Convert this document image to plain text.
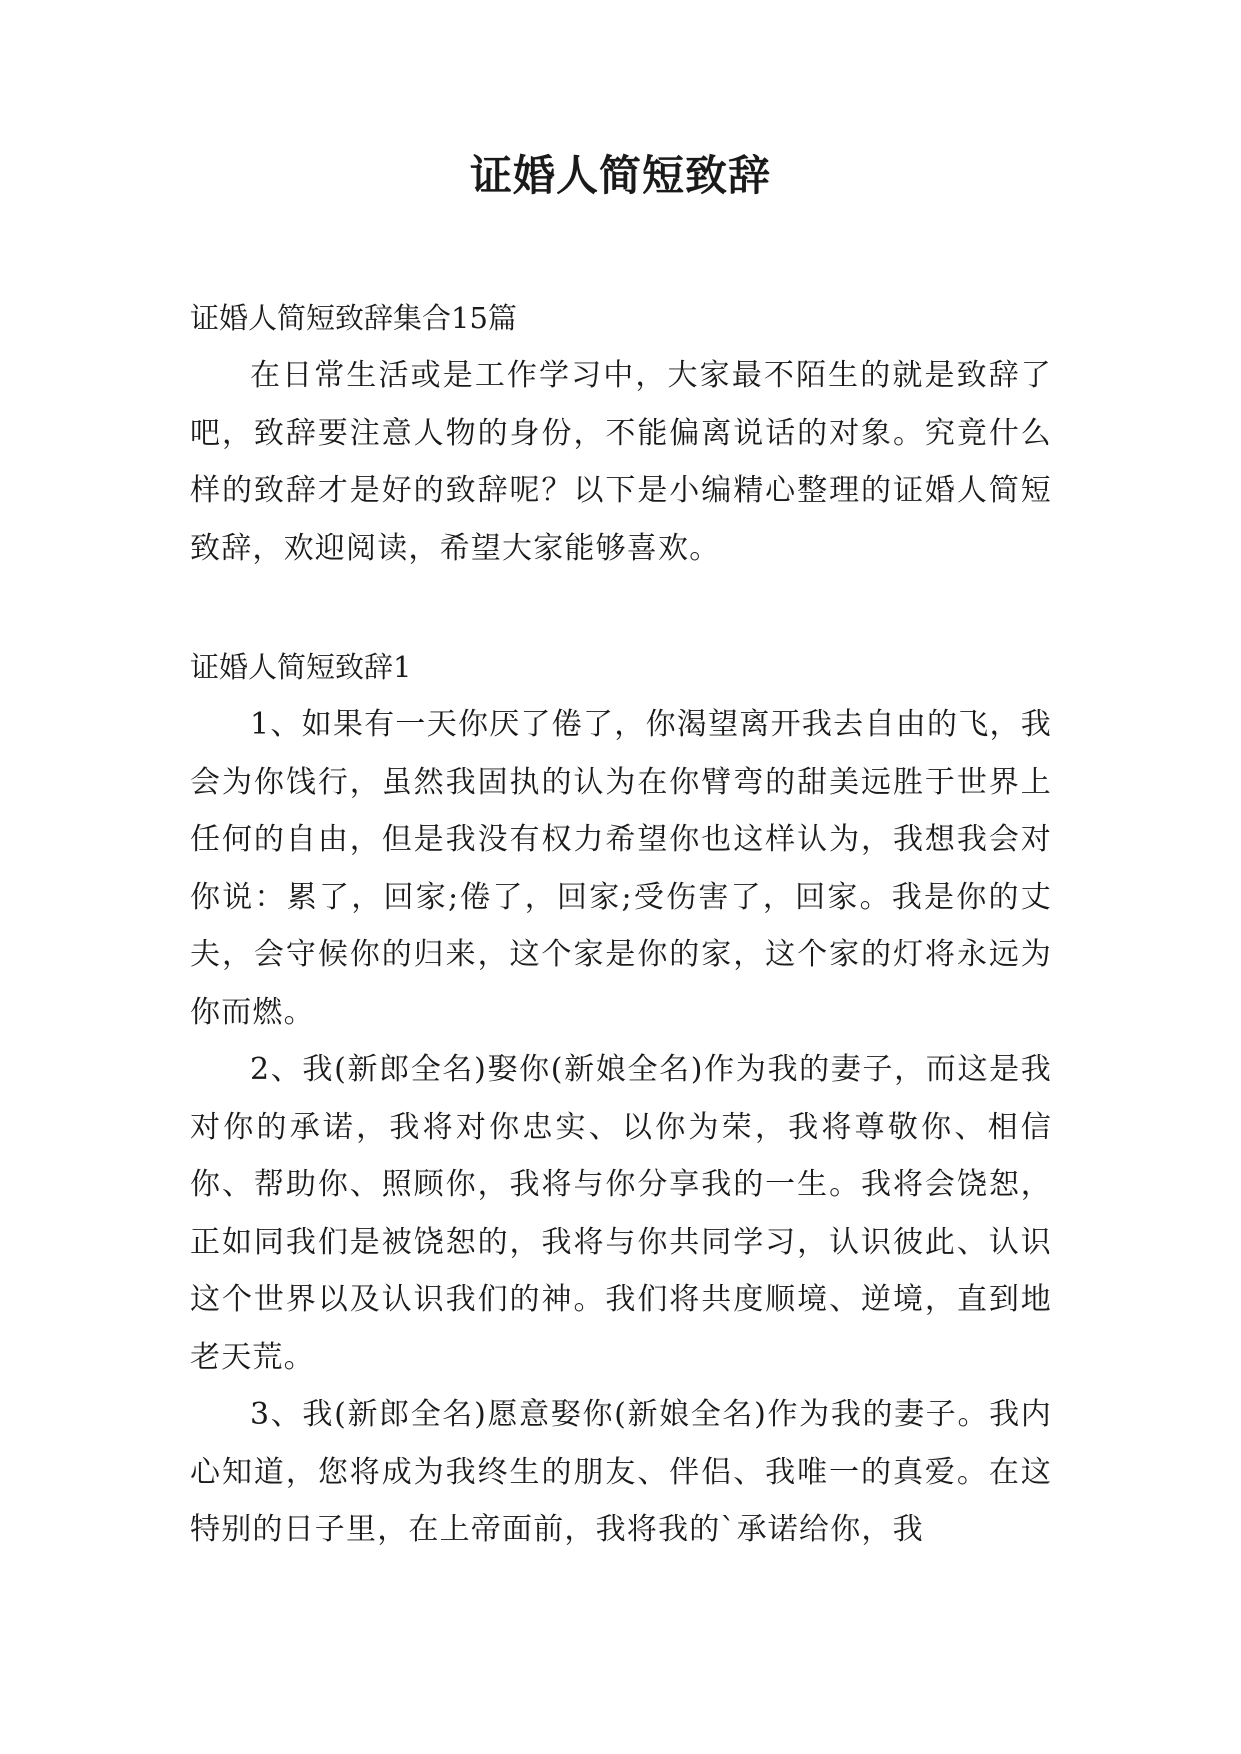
证婚人简短致辞

证婚人简短致辞集合15篇

在日常生活或是工作学习中，大家最不陌生的就是致辞了吧，致辞要注意人物的身份，不能偏离说话的对象。究竟什么样的致辞才是好的致辞呢？以下是小编精心整理的证婚人简短致辞，欢迎阅读，希望大家能够喜欢。

证婚人简短致辞1

1、如果有一天你厌了倦了，你渴望离开我去自由的飞，我会为你饯行，虽然我固执的认为在你臂弯的甜美远胜于世界上任何的自由，但是我没有权力希望你也这样认为，我想我会对你说：累了，回家;倦了，回家;受伤害了，回家。我是你的丈夫，会守候你的归来，这个家是你的家，这个家的灯将永远为你而燃。

2、我(新郎全名)娶你(新娘全名)作为我的妻子，而这是我对你的承诺，我将对你忠实、以你为荣，我将尊敬你、相信你、帮助你、照顾你，我将与你分享我的一生。我将会饶恕，正如同我们是被饶恕的，我将与你共同学习，认识彼此、认识这个世界以及认识我们的神。我们将共度顺境、逆境，直到地老天荒。

3、我(新郎全名)愿意娶你(新娘全名)作为我的妻子。我内心知道，您将成为我终生的朋友、伴侣、我唯一的真爱。在这特别的日子里，在上帝面前，我将我的`承诺给你，我
